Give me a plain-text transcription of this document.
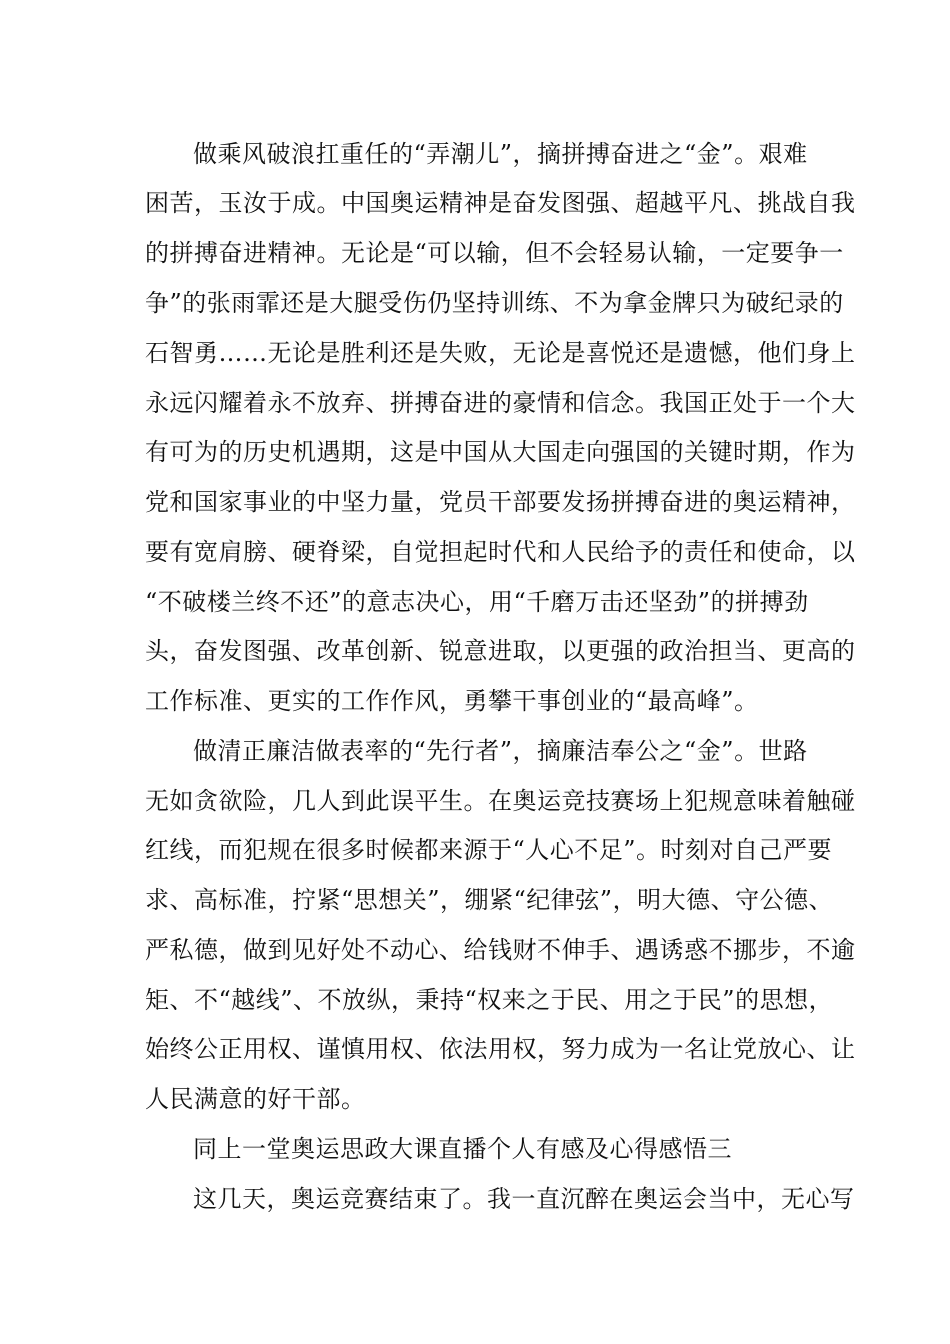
做乘风破浪扛重任的“弄潮儿”，摘拼搏奋进之“金”。艰难
困苦，玉汝于成。中国奥运精神是奋发图强、超越平凡、挑战自我
的拼搏奋进精神。无论是“可以输，但不会轻易认输，一定要争一
争”的张雨霏还是大腿受伤仍坚持训练、不为拿金牌只为破纪录的
石智勇……无论是胜利还是失败，无论是喜悦还是遗憾，他们身上
永远闪耀着永不放弃、拼搏奋进的豪情和信念。我国正处于一个大
有可为的历史机遇期，这是中国从大国走向强国的关键时期，作为
党和国家事业的中坚力量，党员干部要发扬拼搏奋进的奥运精神，
要有宽肩膀、硬脊梁，自觉担起时代和人民给予的责任和使命，以
“不破楼兰终不还”的意志决心，用“千磨万击还坚劲”的拼搏劲
头，奋发图强、改革创新、锐意进取，以更强的政治担当、更高的
工作标准、更实的工作作风，勇攀干事创业的“最高峰”。
做清正廉洁做表率的“先行者”，摘廉洁奉公之“金”。世路
无如贪欲险，几人到此误平生。在奥运竞技赛场上犯规意味着触碰
红线，而犯规在很多时候都来源于“人心不足”。时刻对自己严要
求、高标准，拧紧“思想关”，绷紧“纪律弦”，明大德、守公德、
严私德，做到见好处不动心、给钱财不伸手、遇诱惑不挪步，不逾
矩、不“越线”、不放纵，秉持“权来之于民、用之于民”的思想，
始终公正用权、谨慎用权、依法用权，努力成为一名让党放心、让
人民满意的好干部。
同上一堂奥运思政大课直播个人有感及心得感悟三
这几天，奥运竞赛结束了。我一直沉醉在奥运会当中，无心写
